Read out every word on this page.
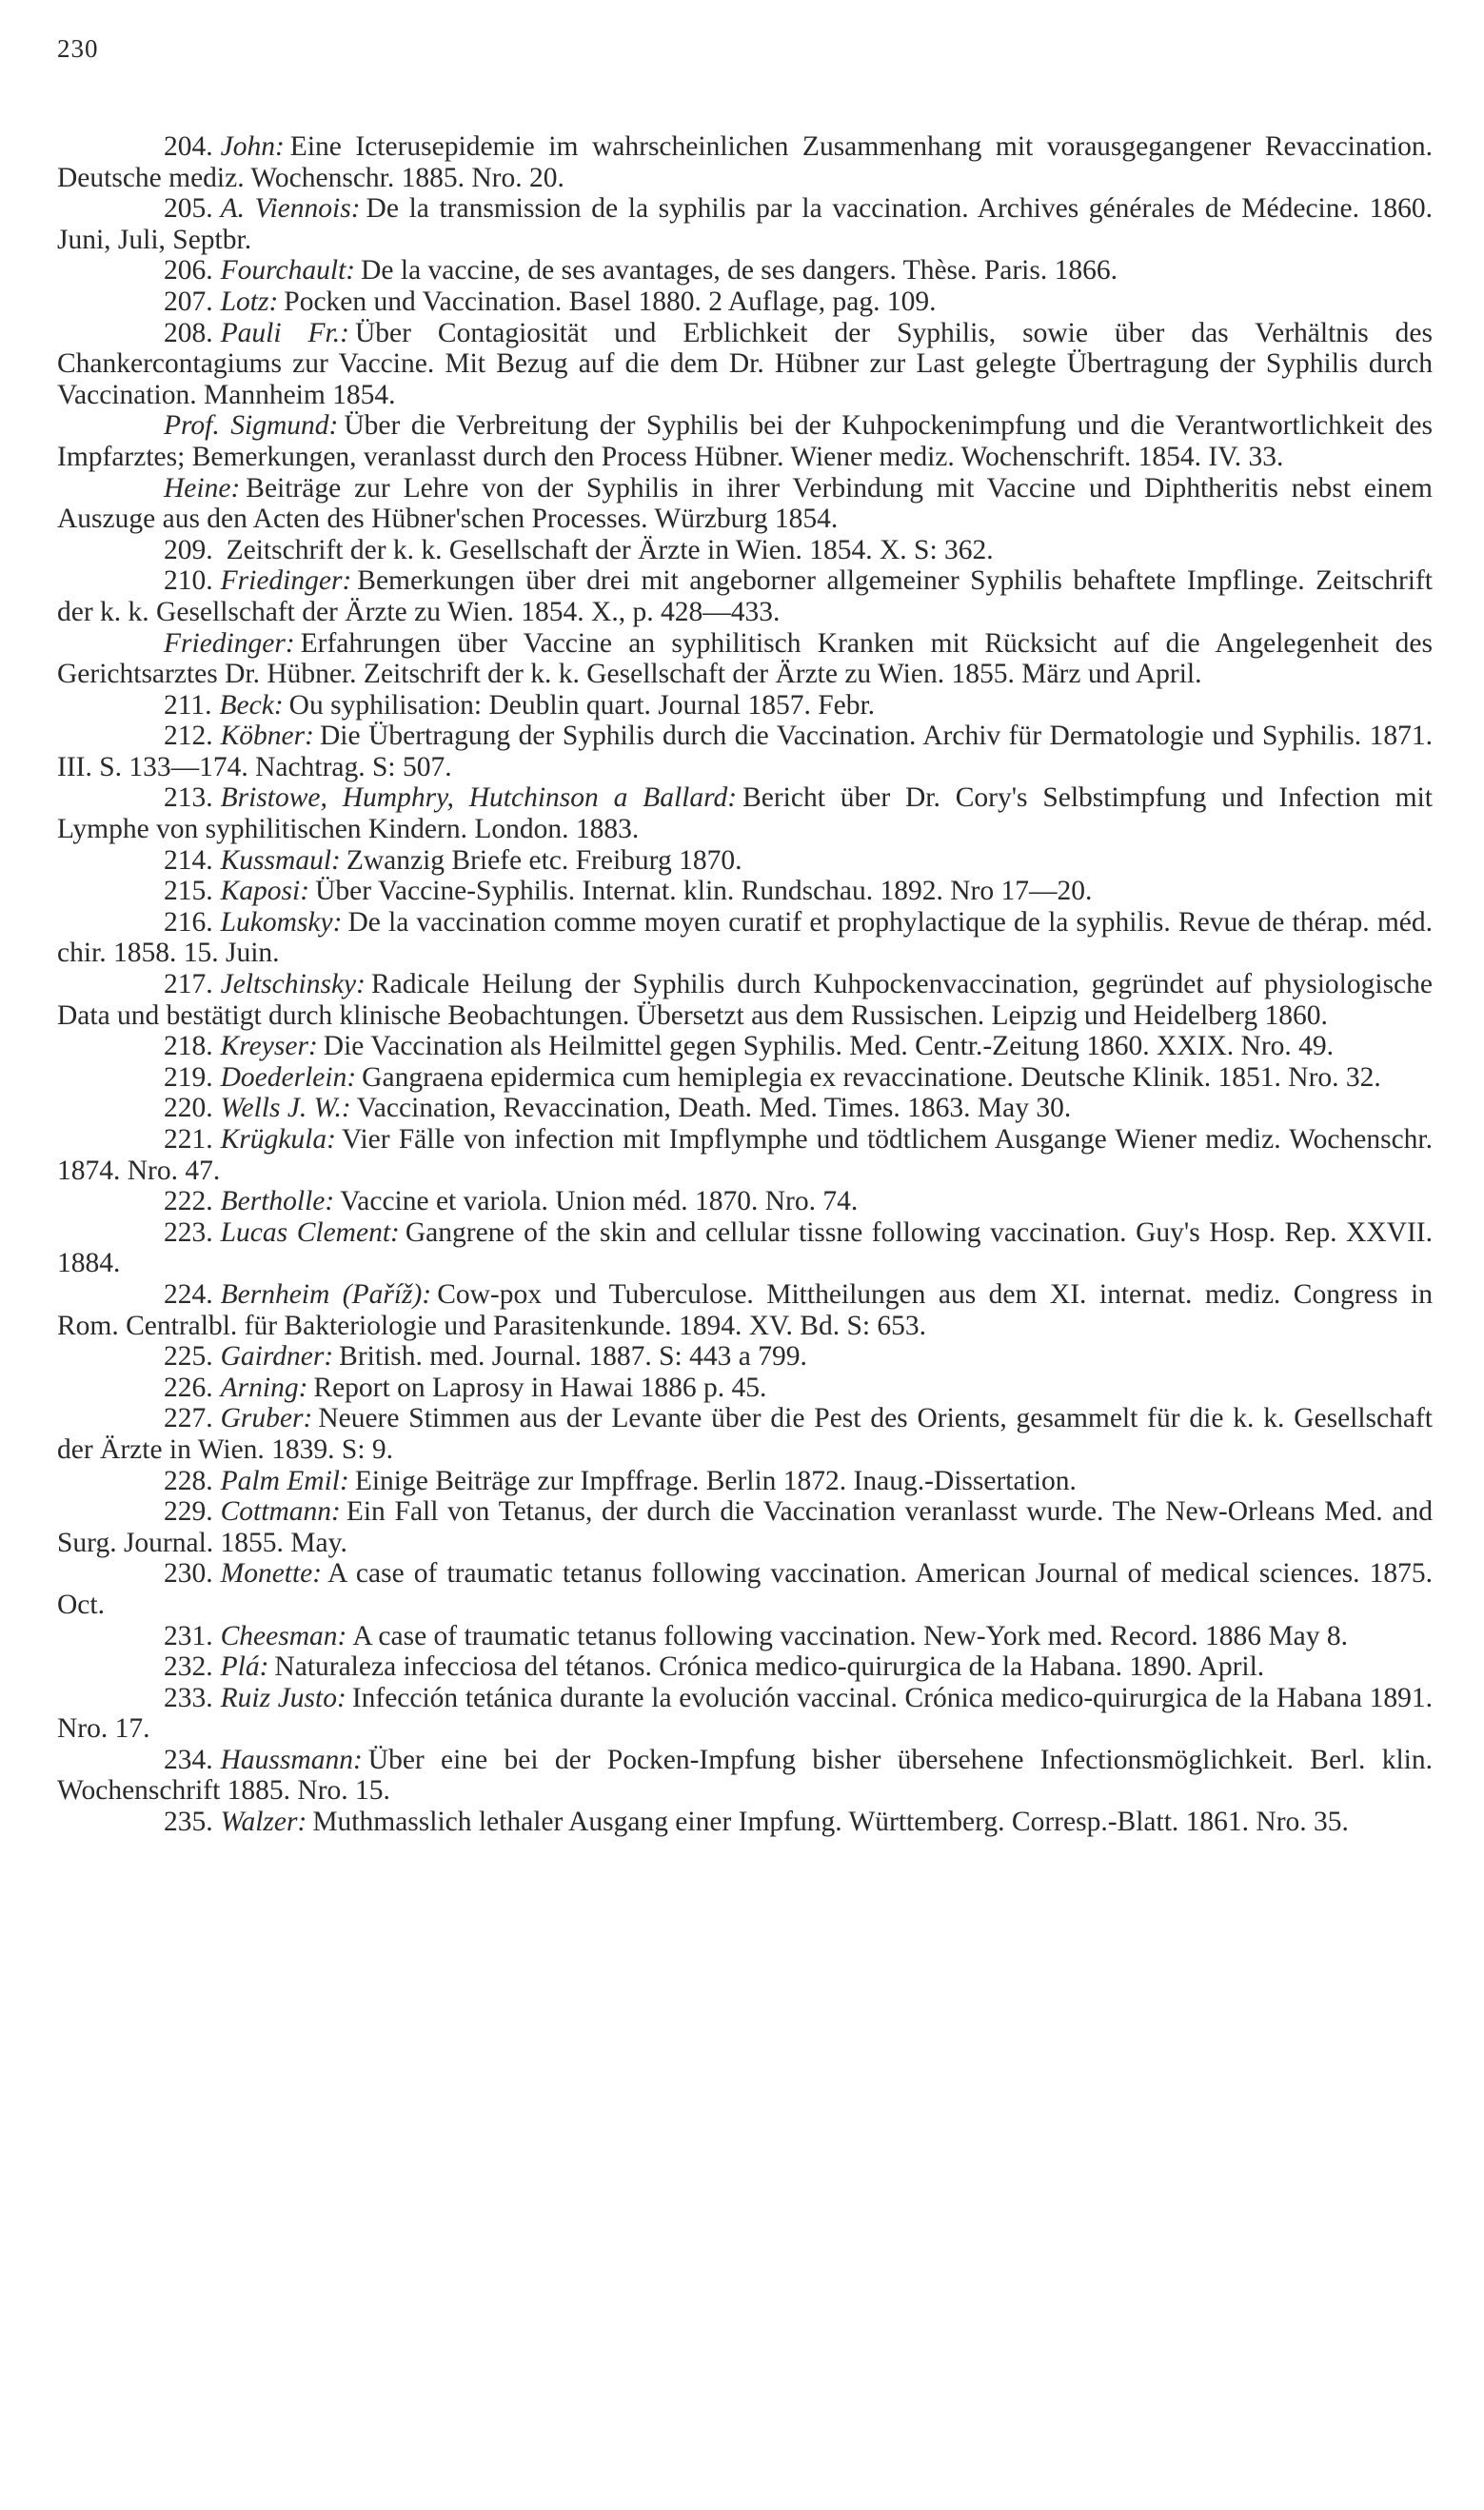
230

204. John : Eine Icterusepidemie im wahrscheinlichen Zusammenhang mit vorausgegangener Revaccination. Deutsche mediz. Wochenschr. 1885. Nro. 20.

205. A. Viennois : De la transmission de la syphilis par la vaccination. Archives générales de Médecine. 1860. Juni, Juli, Septbr.

206. Fourchault : De la vaccine, de ses avantages, de ses dangers. Thèse. Paris. 1866.

207. Lotz : Pocken und Vaccination. Basel 1880. 2 Auflage, pag. 109.

208. Pauli Fr. : Über Contagiosität und Erblichkeit der Syphilis, sowie über das Verhältnis des Chankercontagiums zur Vaccine. Mit Bezug auf die dem Dr. Hübner zur Last gelegte Übertragung der Syphilis durch Vaccination. Mannheim 1854.

Prof. Sigmund : Über die Verbreitung der Syphilis bei der Kuhpockenimpfung und die Verantwortlichkeit des Impfarztes; Bemerkungen, veranlasst durch den Process Hübner. Wiener mediz. Wochenschrift. 1854. IV. 33.

Heine : Beiträge zur Lehre von der Syphilis in ihrer Verbindung mit Vaccine und Diphtheritis nebst einem Auszuge aus den Acten des Hübner'schen Processes. Würzburg 1854.

209. Zeitschrift der k. k. Gesellschaft der Ärzte in Wien. 1854. X. S: 362.

210. Friedinger : Bemerkungen über drei mit angeborner allgemeiner Syphilis behaftete Impflinge. Zeitschrift der k. k. Gesellschaft der Ärzte zu Wien. 1854. X., p. 428—433.

Friedinger : Erfahrungen über Vaccine an syphilitisch Kranken mit Rücksicht auf die Angelegenheit des Gerichtsarztes Dr. Hübner. Zeitschrift der k. k. Gesellschaft der Ärzte zu Wien. 1855. März und April.

211. Beck : Ou syphilisation: Deublin quart. Journal 1857. Febr.

212. Köbner : Die Übertragung der Syphilis durch die Vaccination. Archiv für Dermatologie und Syphilis. 1871. III. S. 133—174. Nachtrag. S: 507.

213. Bristowe, Humphry, Hutchinson a Ballard : Bericht über Dr. Cory's Selbstimpfung und Infection mit Lymphe von syphilitischen Kindern. London. 1883.

214. Kussmaul : Zwanzig Briefe etc. Freiburg 1870.

215. Kaposi : Über Vaccine-Syphilis. Internat. klin. Rundschau. 1892. Nro 17—20.

216. Lukomsky : De la vaccination comme moyen curatif et prophylactique de la syphilis. Revue de thérap. méd. chir. 1858. 15. Juin.

217. Jeltschinsky : Radicale Heilung der Syphilis durch Kuhpockenvaccination, gegründet auf physiologische Data und bestätigt durch klinische Beobachtungen. Übersetzt aus dem Russischen. Leipzig und Heidelberg 1860.

218. Kreyser : Die Vaccination als Heilmittel gegen Syphilis. Med. Centr.-Zeitung 1860. XXIX. Nro. 49.

219. Doederlein : Gangraena epidermica cum hemiplegia ex revaccinatione. Deutsche Klinik. 1851. Nro. 32.

220. Wells J. W. : Vaccination, Revaccination, Death. Med. Times. 1863. May 30.

221. Krügkula : Vier Fälle von infection mit Impflymphe und tödtlichem Ausgange Wiener mediz. Wochenschr. 1874. Nro. 47.

222. Bertholle : Vaccine et variola. Union méd. 1870. Nro. 74.

223. Lucas Clement : Gangrene of the skin and cellular tissne following vaccination. Guy's Hosp. Rep. XXVII. 1884.

224. Bernheim (Paříž) : Cow-pox und Tuberculose. Mittheilungen aus dem XI. internat. mediz. Congress in Rom. Centralbl. für Bakteriologie und Parasitenkunde. 1894. XV. Bd. S: 653.

225. Gairdner : British. med. Journal. 1887. S: 443 a 799.

226. Arning : Report on Laprosy in Hawai 1886 p. 45.

227. Gruber : Neuere Stimmen aus der Levante über die Pest des Orients, gesammelt für die k. k. Gesellschaft der Ärzte in Wien. 1839. S: 9.

228. Palm Emil : Einige Beiträge zur Impffrage. Berlin 1872. Inaug.-Dissertation.

229. Cottmann : Ein Fall von Tetanus, der durch die Vaccination veranlasst wurde. The New-Orleans Med. and Surg. Journal. 1855. May.

230. Monette : A case of traumatic tetanus following vaccination. American Journal of medical sciences. 1875. Oct.

231. Cheesman : A case of traumatic tetanus following vaccination. New-York med. Record. 1886 May 8.

232. Plá : Naturaleza infecciosa del tétanos. Crónica medico-quirurgica de la Habana. 1890. April.

233. Ruiz Justo : Infección tetánica durante la evolución vaccinal. Crónica medico-quirurgica de la Habana 1891. Nro. 17.

234. Haussmann : Über eine bei der Pocken-Impfung bisher übersehene Infectionsmöglichkeit. Berl. klin. Wochenschrift 1885. Nro. 15.

235. Walzer : Muthmasslich lethaler Ausgang einer Impfung. Württemberg. Corresp.-Blatt. 1861. Nro. 35.
